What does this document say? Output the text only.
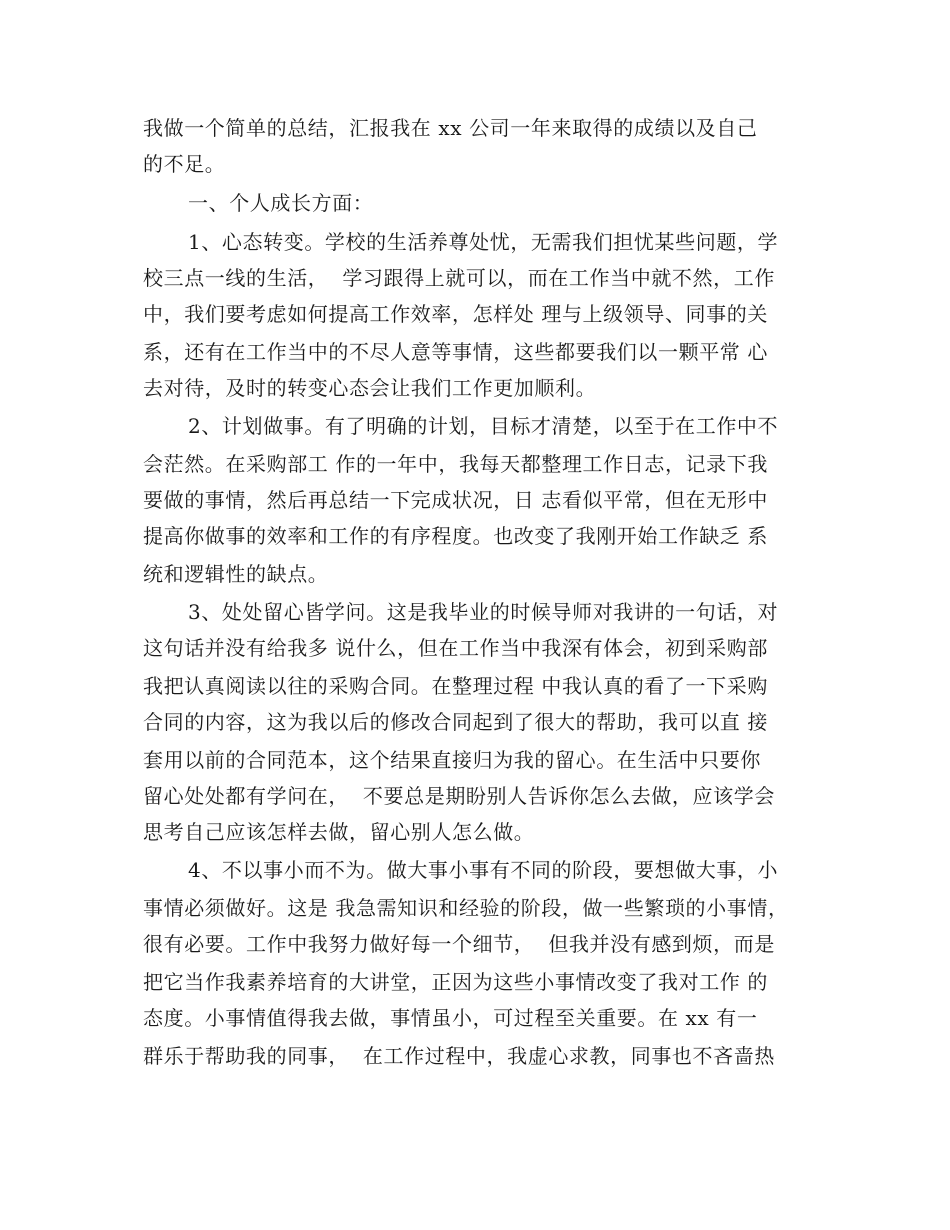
我做一个简单的总结，汇报我在 xx 公司一年来取得的成绩以及自己
的不足。
一、个人成长方面：
1、心态转变。学校的生活养尊处忧，无需我们担忧某些问题，学
校三点一线的生活，  学习跟得上就可以，而在工作当中就不然，工作
中，我们要考虑如何提高工作效率，怎样处 理与上级领导、同事的关
系，还有在工作当中的不尽人意等事情，这些都要我们以一颗平常 心
去对待，及时的转变心态会让我们工作更加顺利。
2、计划做事。有了明确的计划，目标才清楚，以至于在工作中不
会茫然。在采购部工 作的一年中，我每天都整理工作日志，记录下我
要做的事情，然后再总结一下完成状况，日 志看似平常，但在无形中
提高你做事的效率和工作的有序程度。也改变了我刚开始工作缺乏 系
统和逻辑性的缺点。
3、处处留心皆学问。这是我毕业的时候导师对我讲的一句话，对
这句话并没有给我多 说什么，但在工作当中我深有体会，初到采购部
我把认真阅读以往的采购合同。在整理过程 中我认真的看了一下采购
合同的内容，这为我以后的修改合同起到了很大的帮助，我可以直 接
套用以前的合同范本，这个结果直接归为我的留心。在生活中只要你
留心处处都有学问在，  不要总是期盼别人告诉你怎么去做，应该学会
思考自己应该怎样去做，留心别人怎么做。
4、不以事小而不为。做大事小事有不同的阶段，要想做大事，小
事情必须做好。这是 我急需知识和经验的阶段，做一些繁琐的小事情，
很有必要。工作中我努力做好每一个细节，  但我并没有感到烦，而是
把它当作我素养培育的大讲堂，正因为这些小事情改变了我对工作 的
态度。小事情值得我去做，事情虽小，可过程至关重要。在 xx 有一
群乐于帮助我的同事，  在工作过程中，我虚心求教，同事也不吝啬热
